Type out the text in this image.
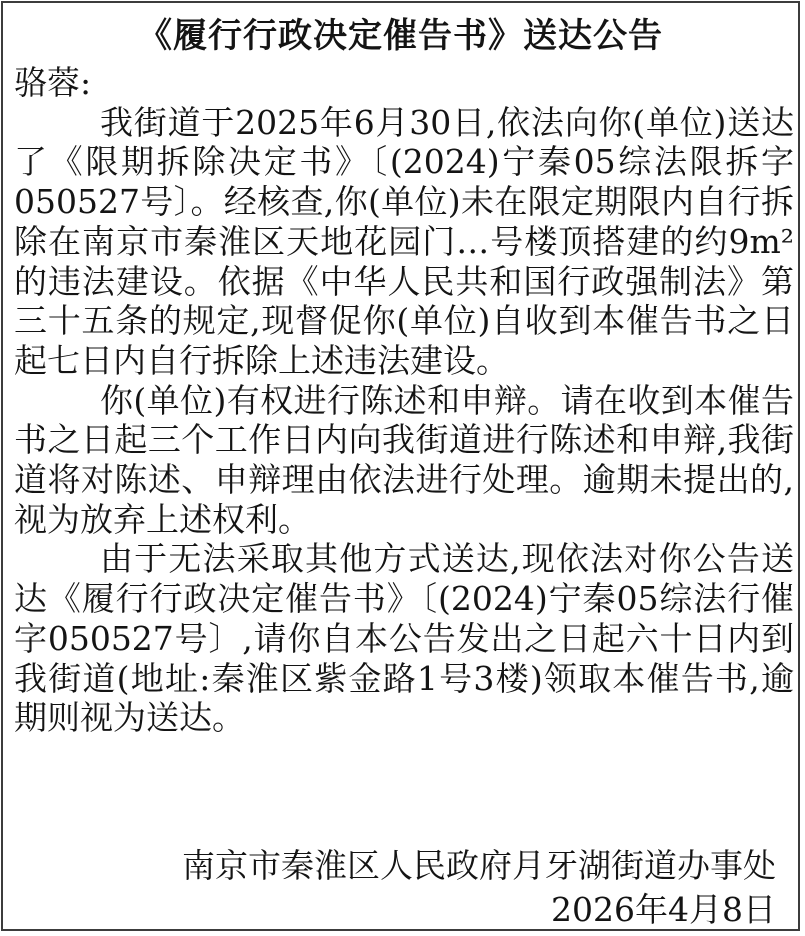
《履行行政决定催告书》送达公告

骆蓉:

我街道于2025年6月30日,依法向你(单位)送达了《限期拆除决定书》〔(2024)宁秦05综法限拆字050527号〕。经核查,你(单位)未在限定期限内自行拆除在南京市秦淮区天地花园门…号楼顶搭建的约9m²的违法建设。依据《中华人民共和国行政强制法》第三十五条的规定,现督促你(单位)自收到本催告书之日起七日内自行拆除上述违法建设。

你(单位)有权进行陈述和申辩。请在收到本催告书之日起三个工作日内向我街道进行陈述和申辩,我街道将对陈述、申辩理由依法进行处理。逾期未提出的,视为放弃上述权利。

由于无法采取其他方式送达,现依法对你公告送达《履行行政决定催告书》〔(2024)宁秦05综法行催字050527号〕,请你自本公告发出之日起六十日内到我街道(地址:秦淮区紫金路1号3楼)领取本催告书,逾期则视为送达。

南京市秦淮区人民政府月牙湖街道办事处
2026年4月8日
